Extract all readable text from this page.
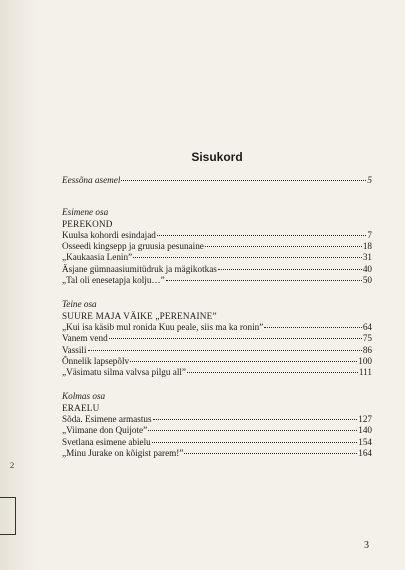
2
Sisukord
Eessõna asemel	5
Esimene osa
PEREKOND
Kuulsa kohordi esindajad	7
Osseedi kingsepp ja gruusia pesunaine	18
„Kaukaasia Lenin”	31
Äsjane gümnaasiumitüdruk ja mägikotkas	40
„Tal oli enesetapja kolju…”	50
Teine osa
SUURE MAJA VÄIKE „PERENAINE”
„Kui isa käsib mul ronida Kuu peale, siis ma ka ronin”	64
Vanem vend	75
Vassili	86
Õnnelik lapsepõlv	100
„Väsimatu silma valvsa pilgu all”	111
Kolmas osa
ERAELU
Sõda. Esimene armastus	127
„Viimane don Quijote”	140
Svetlana esimene abielu	154
„Minu Jurake on kõigist parem!”	164
3
